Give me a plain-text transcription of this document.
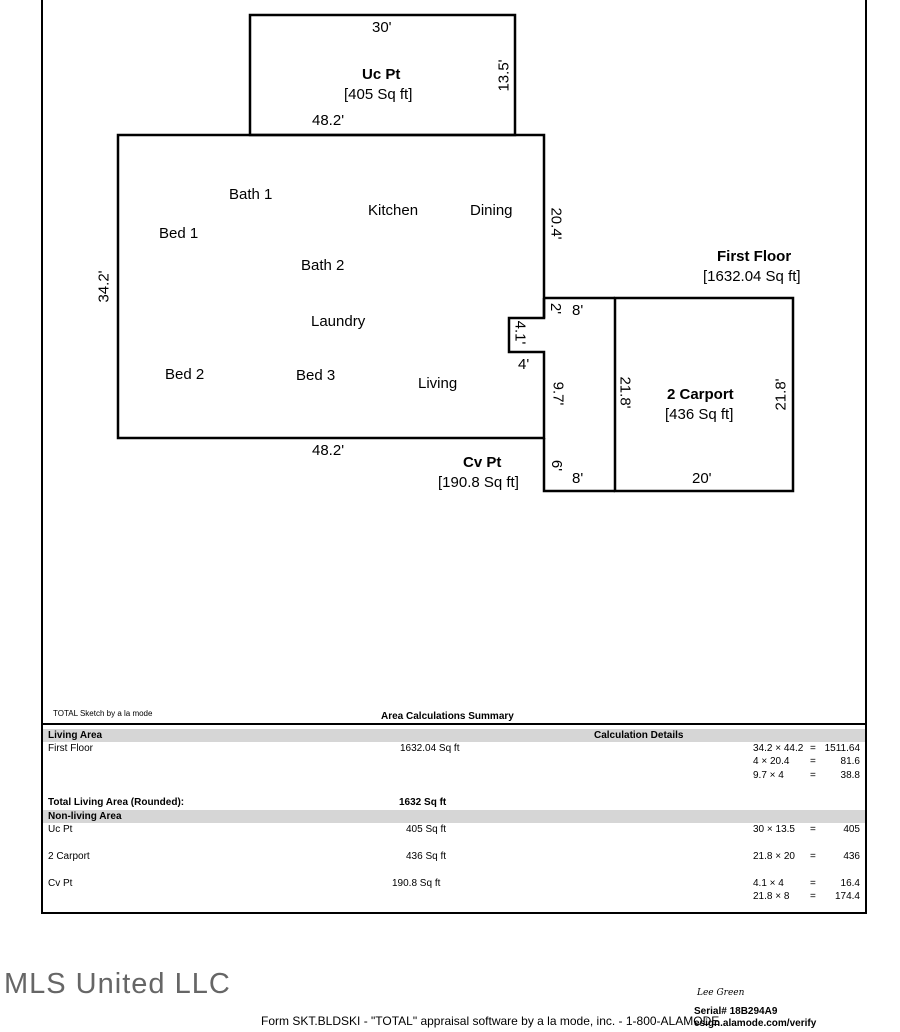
30'
13.5'
Uc Pt
[405 Sq ft]
48.2'
Bath 1
Kitchen	Dining
Bed 1
Bath 2
Laundry
Bed 2	Bed 3	Living
34.2'
20.4'
2' 8'
4.1'
4'
9.7'
48.2'
First Floor
[1632.04 Sq ft]
Cv Pt
[190.8 Sq ft]
6'
8'
21.8'	21.8'
2 Carport
[436 Sq ft]
20'
TOTAL Sketch by a la mode	Area Calculations Summary
Living Area	Calculation Details
First Floor	1632.04 Sq ft	34.2 × 44.2 = 1511.64
4 × 20.4 =	81.6
9.7 × 4	=	38.8
Total Living Area (Rounded):	1632 Sq ft
Non-living Area
Uc Pt	405 Sq ft	30 × 13.5 =	405
2 Carport	436 Sq ft	21.8 × 20 =	436
Cv Pt	190.8 Sq ft	4.1 × 4	=	16.4
21.8 × 8 =	174.4
MLS United LLC	Lee Green
Form SKT.BLDSKI - "TOTAL" appraisal software by a la mode, inc. - 1-800-ALAMODE
Serial# 18B294A9
esign.alamode.com/verify
